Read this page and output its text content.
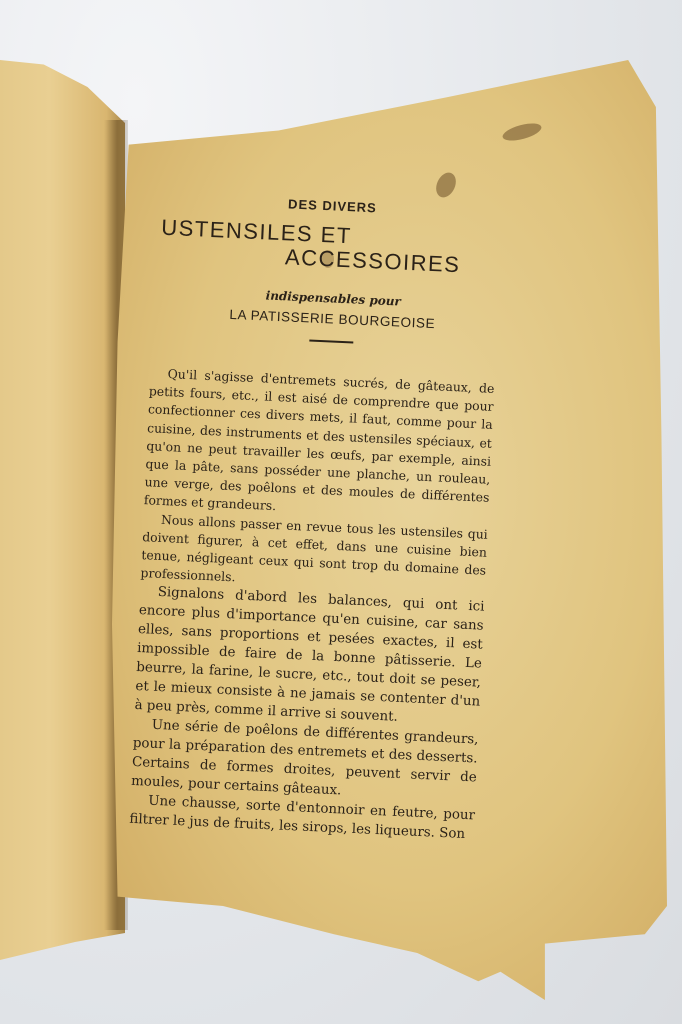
DES DIVERS
USTENSILES ET
ACCESSOIRES
indispensables pour
LA PATISSERIE BOURGEOISE

Qu'il s'agisse d'entremets sucrés, de gâteaux, de petits fours, etc., il est aisé de comprendre que pour confectionner ces divers mets, il faut, comme pour la cuisine, des instruments et des ustensiles spéciaux, et qu'on ne peut travailler les œufs, par exemple, ainsi que la pâte, sans posséder une planche, un rouleau, une verge, des poêlons et des moules de différentes formes et grandeurs.

Nous allons passer en revue tous les ustensiles qui doivent figurer, à cet effet, dans une cuisine bien tenue, négligeant ceux qui sont trop du domaine des professionnels.

Signalons d'abord les balances, qui ont ici encore plus d'importance qu'en cuisine, car sans elles, sans proportions et pesées exactes, il est impossible de faire de la bonne pâtisserie. Le beurre, la farine, le sucre, etc., tout doit se peser, et le mieux consiste à ne jamais se contenter d'un à peu près, comme il arrive si souvent.

Une série de poêlons de différentes grandeurs, pour la préparation des entremets et des desserts. Certains de formes droites, peuvent servir de moules, pour certains gâteaux.

Une chausse, sorte d'entonnoir en feutre, pour filtrer le jus de fruits, les sirops, les liqueurs. Son
